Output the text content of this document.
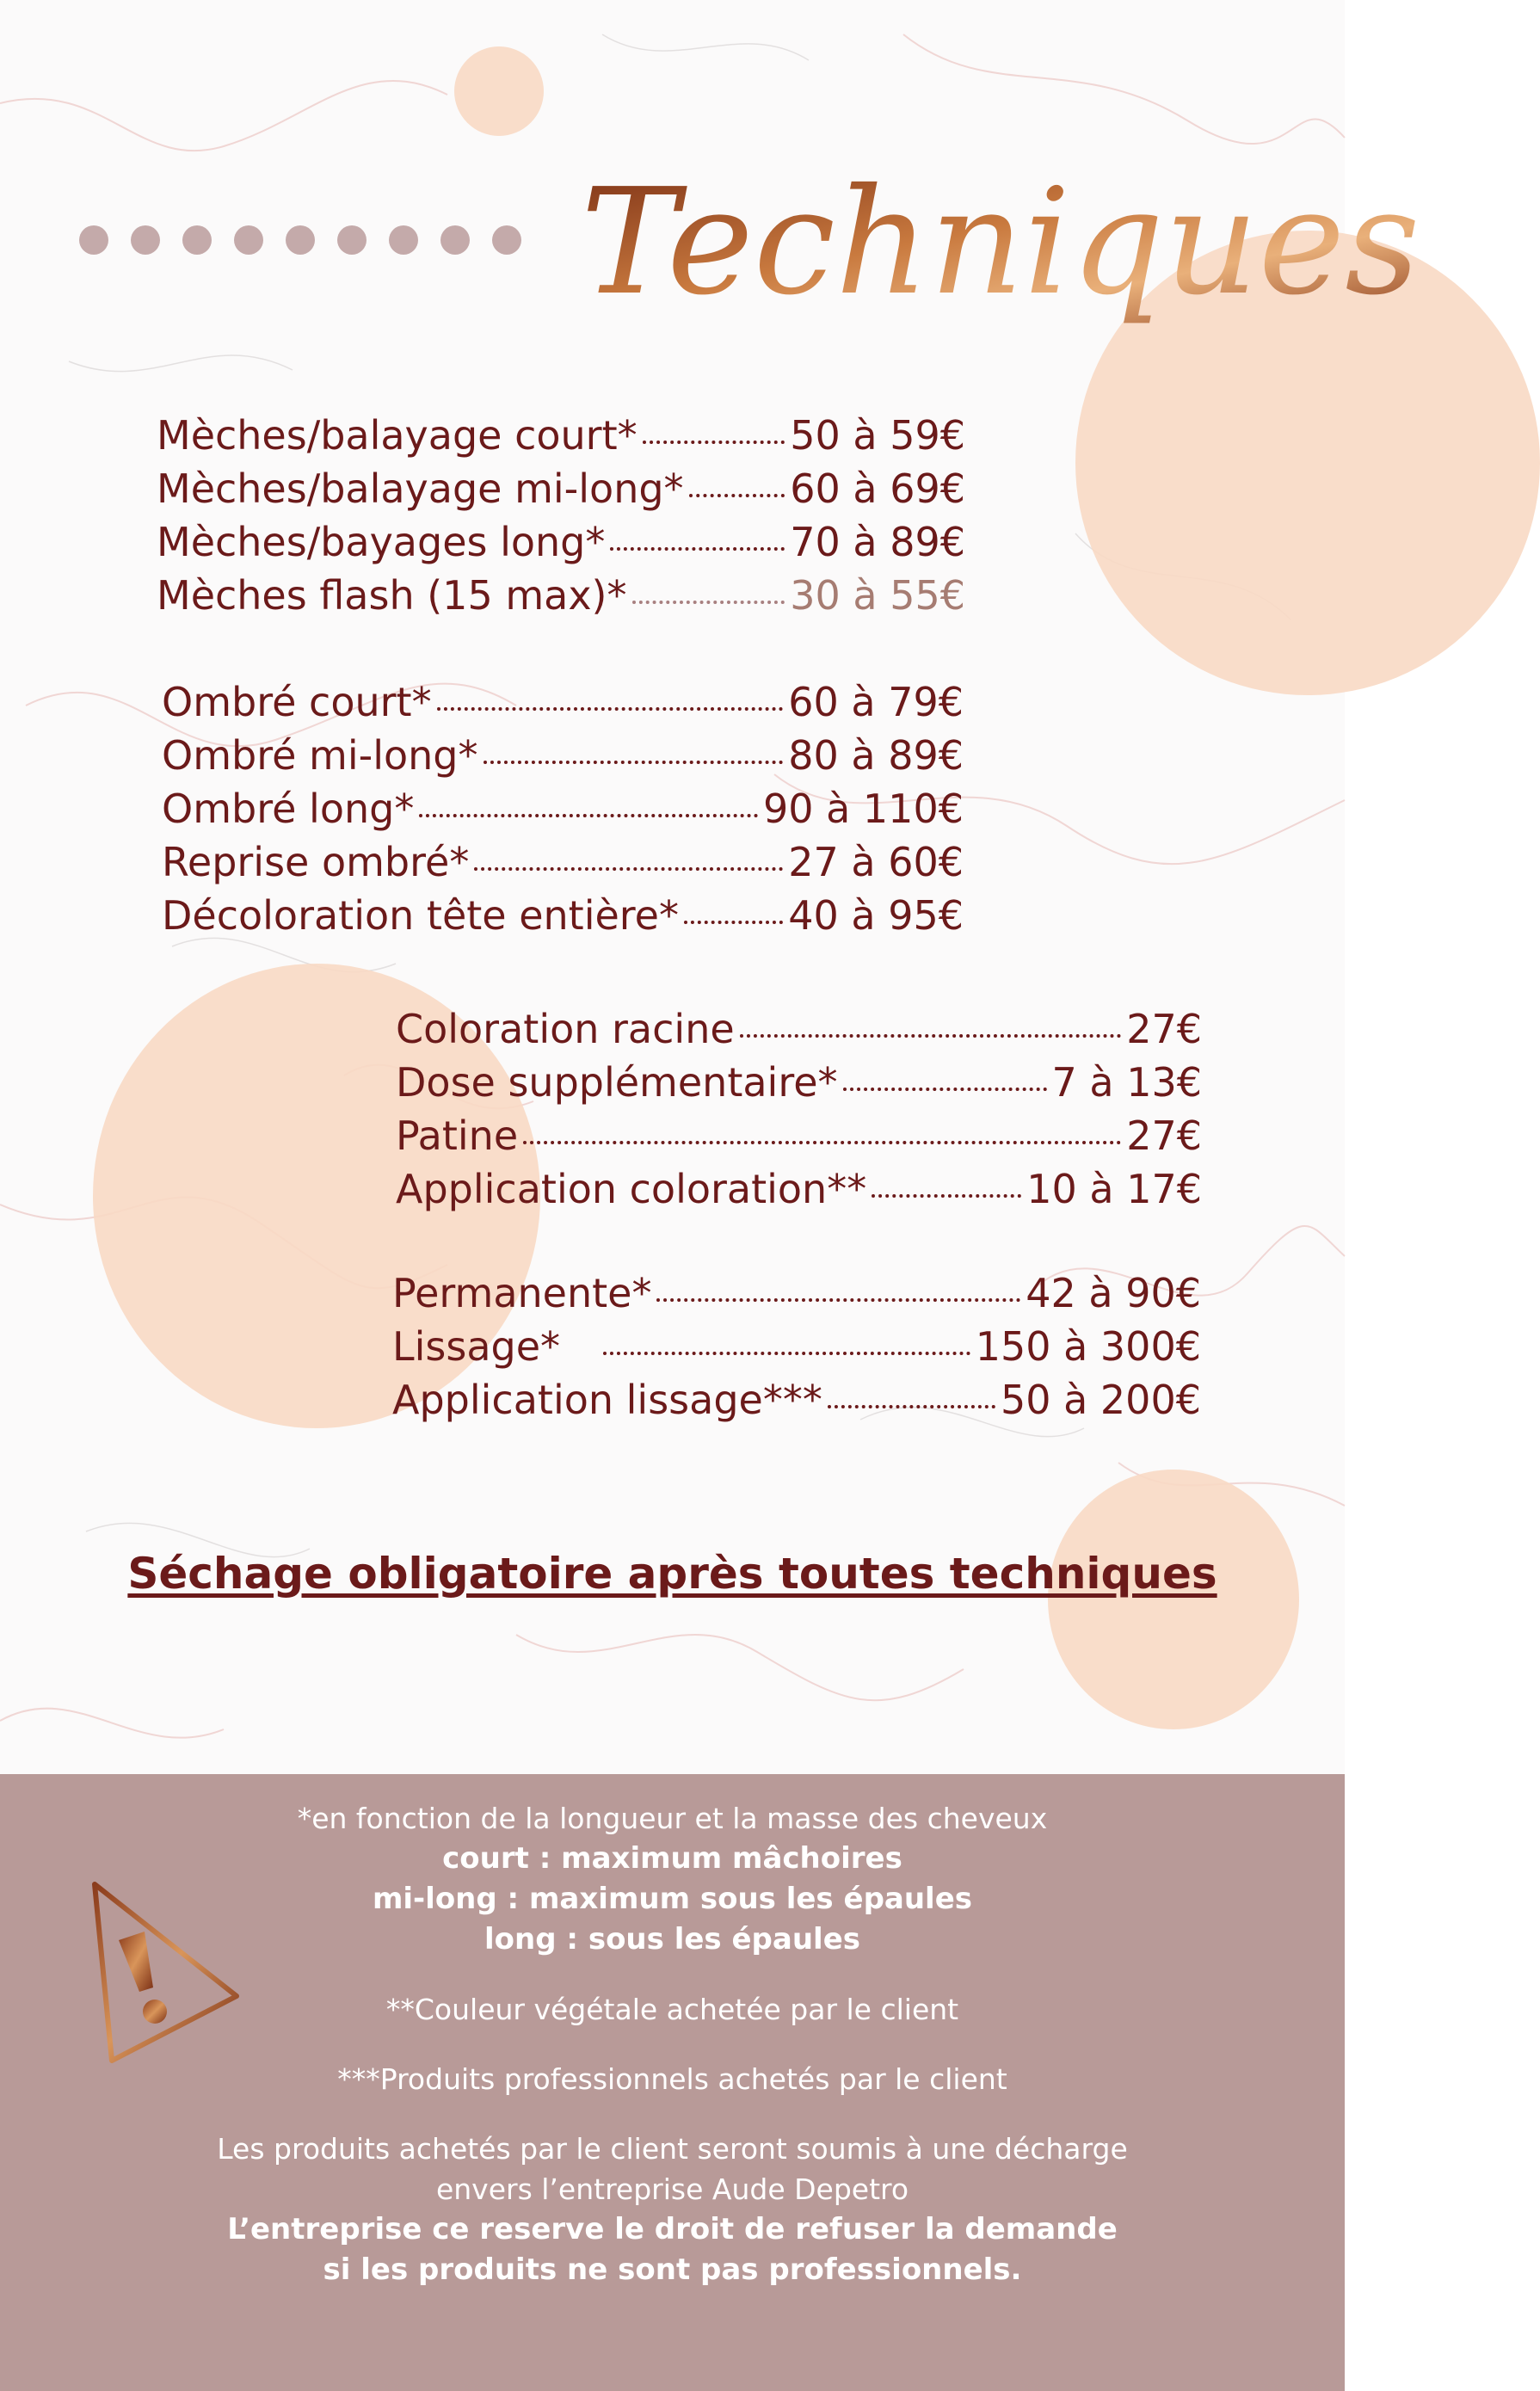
Techniques
Mèches/balayage court*	50 à 59€
Mèches/balayage mi-long*	60 à 69€
Mèches/bayages long*	70 à 89€
Mèches flash (15 max)*	30 à 55€
Ombré court*	60 à 79€
Ombré mi-long*	80 à 89€
Ombré long*	90 à 110€
Reprise ombré*	27 à 60€
Décoloration tête entière*	40 à 95€
Coloration racine	27€
Dose supplémentaire*	7 à 13€
Patine	27€
Application coloration**	10 à 17€
Permanente*	42 à 90€
Lissage*	150 à 300€
Application lissage***	50 à 200€
Séchage obligatoire après toutes techniques
*en fonction de la longueur et la masse des cheveux
court : maximum mâchoires
mi-long : maximum sous les épaules
long : sous les épaules
**Couleur végétale achetée par le client
***Produits professionnels achetés par le client
Les produits achetés par le client seront soumis à une décharge
envers l’entreprise Aude Depetro
L’entreprise ce reserve le droit de refuser la demande
si les produits ne sont pas professionnels.
